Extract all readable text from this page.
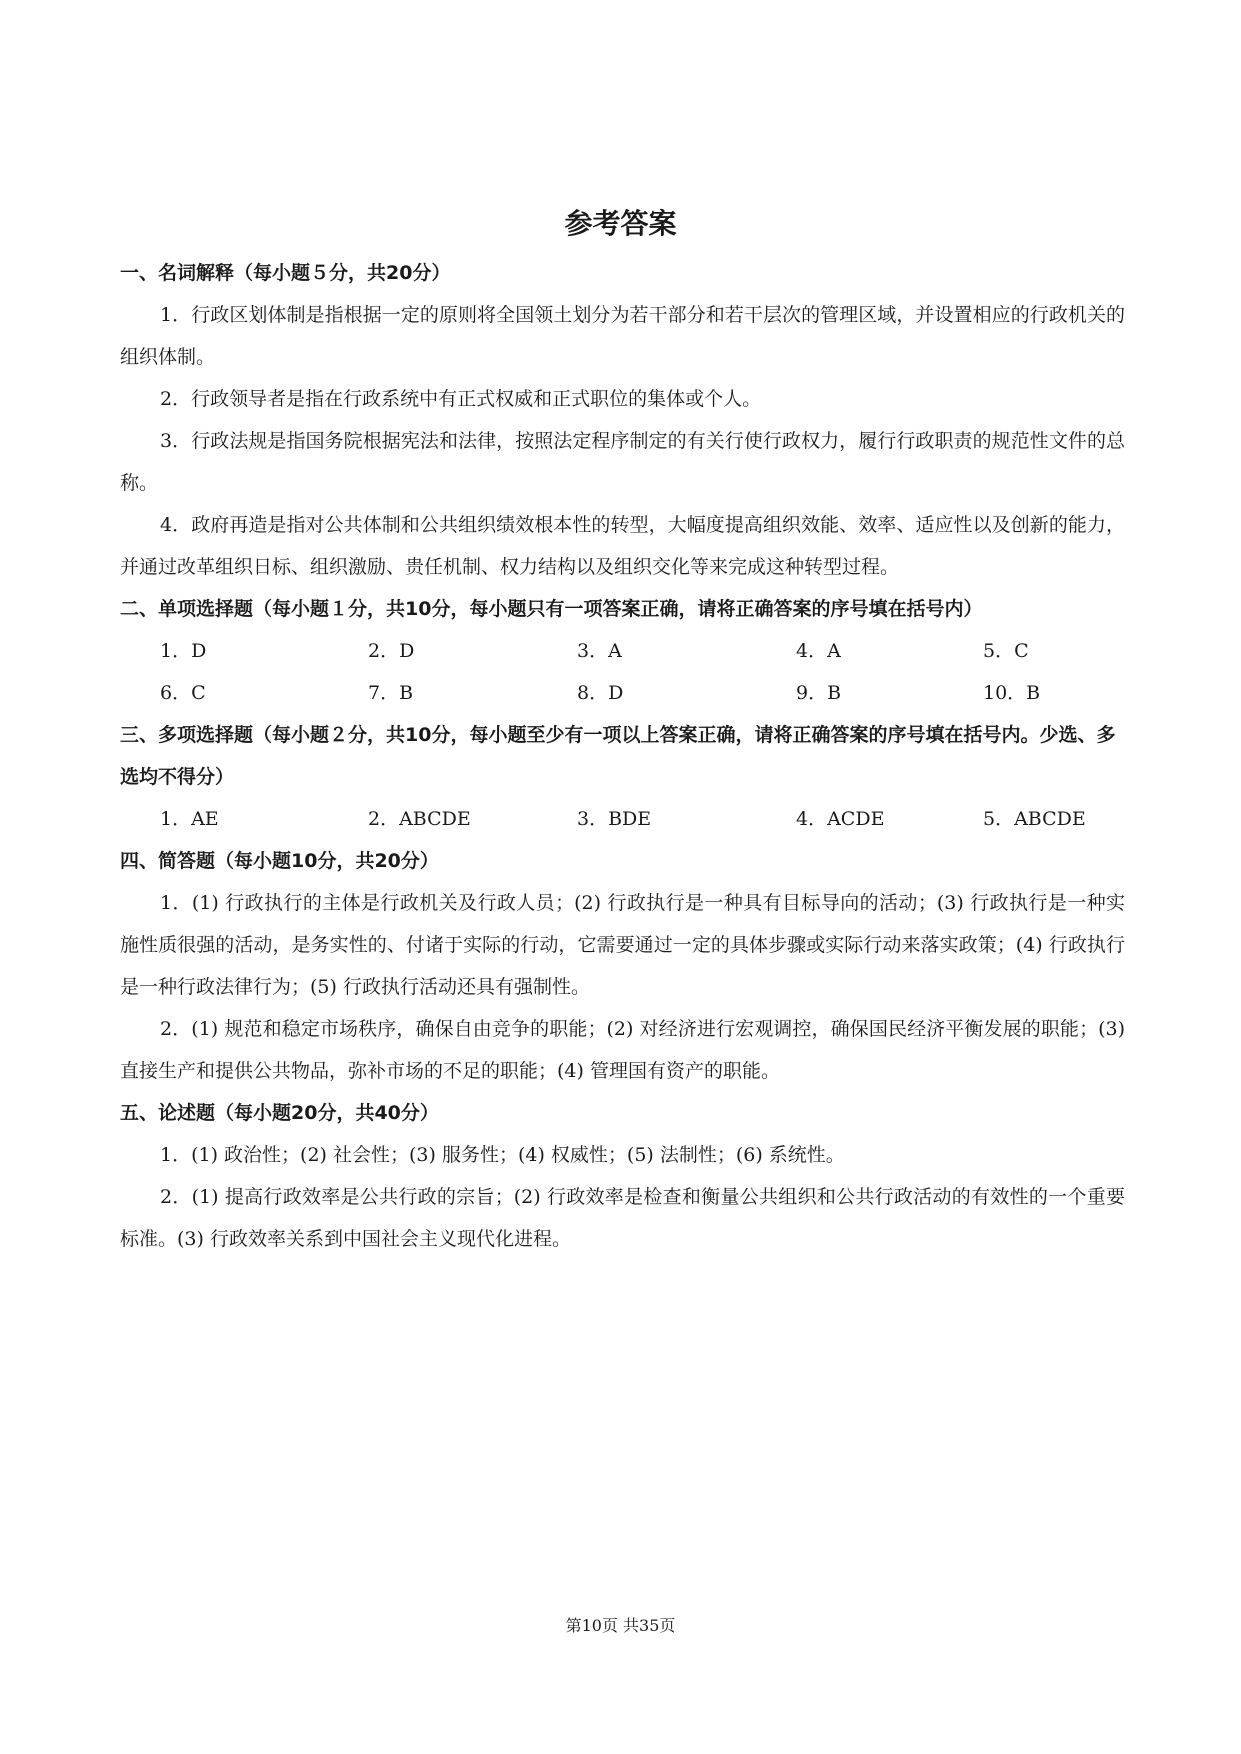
参考答案

一、名词解释（每小题５分，共20分）

1．行政区划体制是指根据一定的原则将全国领土划分为若干部分和若干层次的管理区域，并设置相应的行政机关的组织体制。

2．行政领导者是指在行政系统中有正式权威和正式职位的集体或个人。

3．行政法规是指国务院根据宪法和法律，按照法定程序制定的有关行使行政权力，履行行政职责的规范性文件的总称。

4．政府再造是指对公共体制和公共组织绩效根本性的转型，大幅度提高组织效能、效率、适应性以及创新的能力，并通过改革组织日标、组织激励、贵任机制、权力结构以及组织交化等来完成这种转型过程。

二、单项选择题（每小题１分，共10分，每小题只有一项答案正确，请将正确答案的序号填在括号内）

1．D	2．D	3．A	4．A	5．C
6．C	7．B	8．D	9．B	10．B

三、多项选择题（每小题２分，共10分，每小题至少有一项以上答案正确，请将正确答案的序号填在括号内。少选、多选均不得分）

1．AE	2．ABCDE	3．BDE	4．ACDE	5．ABCDE

四、简答题（每小题10分，共20分）

1．(1) 行政执行的主体是行政机关及行政人员；(2) 行政执行是一种具有目标导向的活动；(3) 行政执行是一种实施性质很强的活动，是务实性的、付诸于实际的行动，它需要通过一定的具体步骤或实际行动来落实政策；(4) 行政执行是一种行政法律行为；(5) 行政执行活动还具有强制性。

2．(1) 规范和稳定市场秩序，确保自由竞争的职能；(2) 对经济进行宏观调控，确保国民经济平衡发展的职能；(3) 直接生产和提供公共物品，弥补市场的不足的职能；(4) 管理国有资产的职能。

五、论述题（每小题20分，共40分）

1．(1) 政治性；(2) 社会性；(3) 服务性；(4) 权威性；(5) 法制性；(6) 系统性。

2．(1) 提高行政效率是公共行政的宗旨；(2) 行政效率是检查和衡量公共组织和公共行政活动的有效性的一个重要标准。(3) 行政效率关系到中国社会主义现代化进程。

第10页 共35页
